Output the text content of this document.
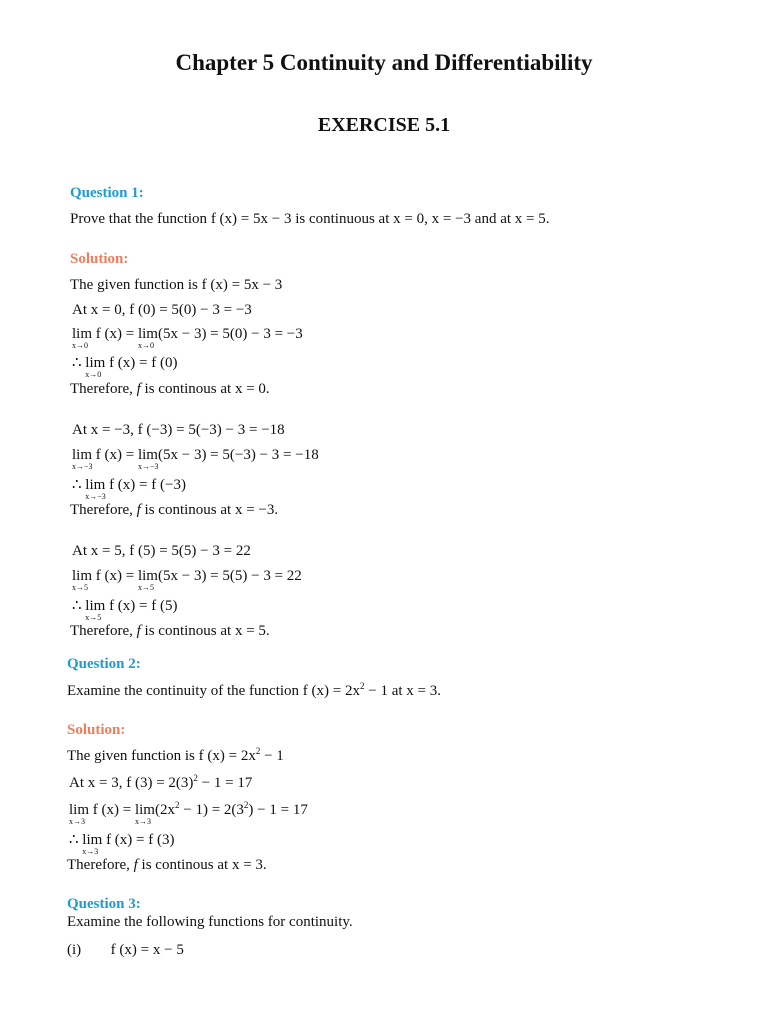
Chapter 5 Continuity and Differentiability
EXERCISE 5.1
Question 1:
Prove that the function f (x) = 5x − 3 is continuous at x = 0, x = −3 and at x = 5.
Solution:
The given function is f (x) = 5x − 3
At x = 0, f (0) = 5(0) − 3 = −3
lim
x→0
f (x) = lim
x→0
(5x − 3) = 5(0) − 3 = −3
∴ lim
x→0
f (x) = f (0)
Therefore, f is continous at x = 0.
At x = −3, f (−3) = 5(−3) − 3 = −18
lim
x→−3
f (x) = lim
x→−3
(5x − 3) = 5(−3) − 3 = −18
∴ lim
x→−3
f (x) = f (−3)
Therefore, f is continous at x = −3.
At x = 5, f (5) = 5(5) − 3 = 22
lim
x→5
f (x) = lim
x→5
(5x − 3) = 5(5) − 3 = 22
∴ lim
x→5
f (x) = f (5)
Therefore, f is continous at x = 5.
Question 2:
Examine the continuity of the function f $(x) = 2x^2 - 1$ at x = 3.
Solution:
The given function is f $(x) = 2x^2 - 1$
At x = 3, f $(3) = 2(3)^2 - 1 = 17$
lim
x→3
f (x) = lim
x→3
$(2x^2 - 1) = 2(3^2) - 1 = 17$
∴ lim
x→3
f (x) = f (3)
Therefore, f is continous at x = 3.
Question 3:
Examine the following functions for continuity.
(i) f (x) = x − 5
